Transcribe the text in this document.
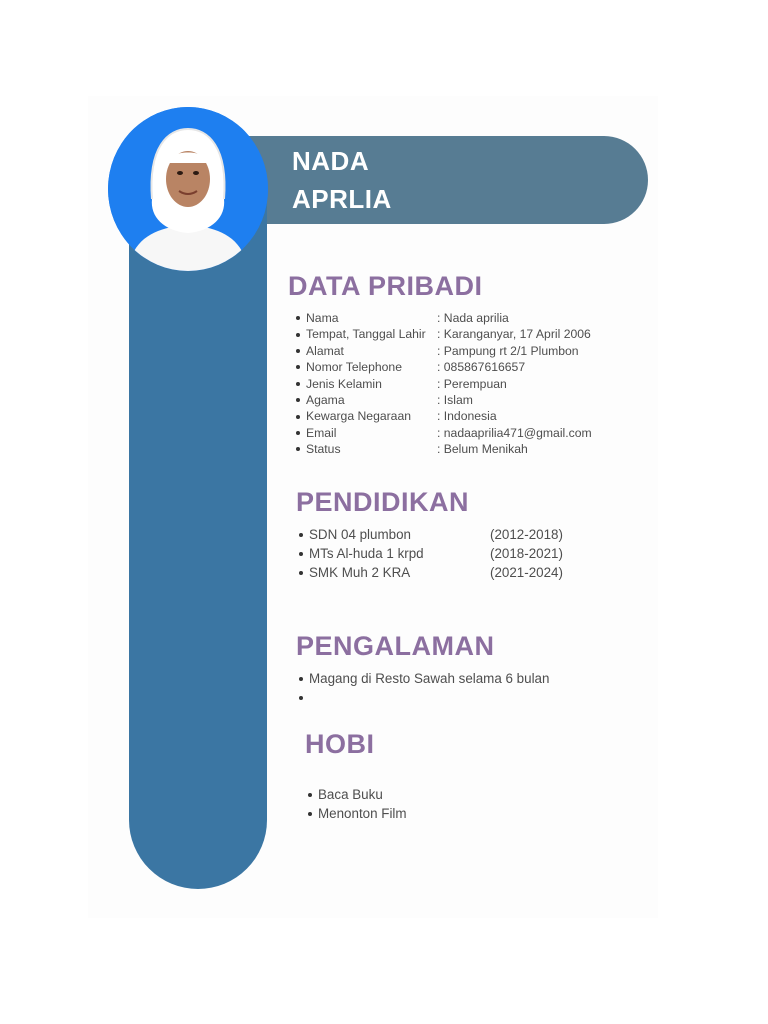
NADA
APRLIA
DATA PRIBADI
Nama	: Nada aprilia
Tempat, Tanggal Lahir : Karanganyar, 17 April 2006
Alamat	: Pampung rt 2/1 Plumbon
Nomor Telephone	: 085867616657
Jenis Kelamin	: Perempuan
Agama	: Islam
Kewarga Negaraan : Indonesia
Email	: nadaaprilia471@gmail.com
Status	: Belum Menikah
PENDIDIKAN
SDN 04 plumbon	(2012-2018)
MTs Al-huda 1 krpd	(2018-2021)
SMK Muh 2 KRA	(2021-2024)
PENGALAMAN
Magang di Resto Sawah selama 6 bulan
HOBI
Baca Buku
Menonton Film
